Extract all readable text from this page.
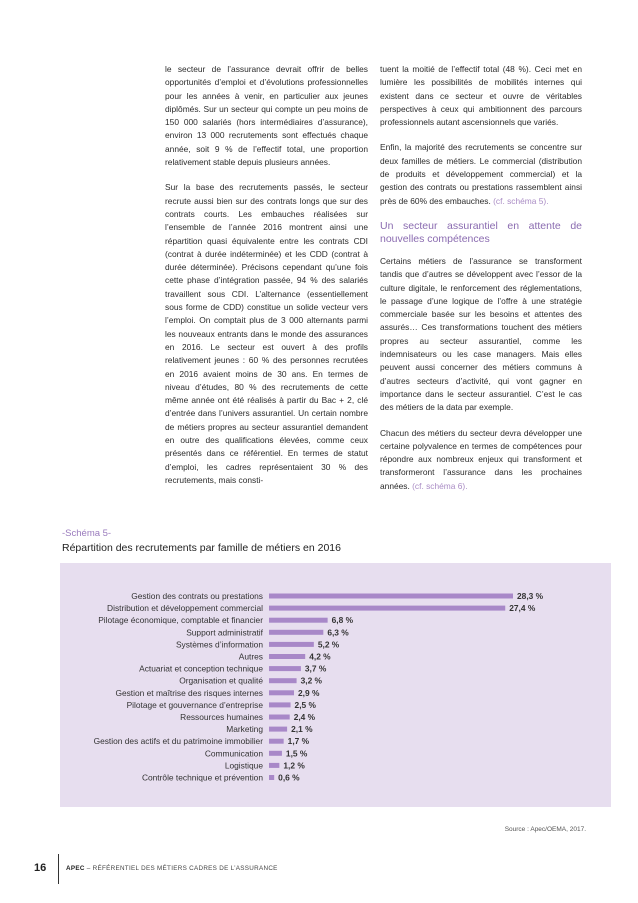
le secteur de l’assurance devrait offrir de belles opportunités d’emploi et d’évolutions professionnelles pour les années à venir, en particulier aux jeunes diplômés. Sur un secteur qui compte un peu moins de 150 000 salariés (hors intermédiaires d’assurance), environ 13 000 recrutements sont effectués chaque année, soit 9 % de l’effectif total, une proportion relativement stable depuis plusieurs années.

Sur la base des recrutements passés, le secteur recrute aussi bien sur des contrats longs que sur des contrats courts. Les embauches réalisées sur l’ensemble de l’année 2016 montrent ainsi une répartition quasi équivalente entre les contrats CDI (contrat à durée indéterminée) et les CDD (contrat à durée déterminée). Précisons cependant qu’une fois cette phase d’intégration passée, 94 % des salariés travaillent sous CDI. L’alternance (essentiellement sous forme de CDD) constitue un solide vecteur vers l’emploi. On comptait plus de 3 000 alternants parmi les nouveaux entrants dans le monde des assurances en 2016. Le secteur est ouvert à des profils relativement jeunes : 60 % des personnes recrutées en 2016 avaient moins de 30 ans. En termes de niveau d’études, 80 % des recrutements de cette même année ont été réalisés à partir du Bac + 2, clé d’entrée dans l’univers assurantiel. Un certain nombre de métiers propres au secteur assurantiel demandent en outre des qualifications élevées, comme ceux présentés dans ce référentiel. En termes de statut d’emploi, les cadres représentaient 30 % des recrutements, mais consti-

tuent la moitié de l’effectif total (48 %). Ceci met en lumière les possibilités de mobilités internes qui existent dans ce secteur et ouvre de véritables perspectives à ceux qui ambitionnent des parcours professionnels autant ascensionnels que variés.

Enfin, la majorité des recrutements se concentre sur deux familles de métiers. Le commercial (distribution de produits et développement commercial) et la gestion des contrats ou prestations rassemblent ainsi près de 60% des embauches. (cf. schéma 5).

Un secteur assurantiel en attente de nouvelles compétences

Certains métiers de l’assurance se transforment tandis que d’autres se développent avec l’essor de la culture digitale, le renforcement des réglementations, le passage d’une logique de l’offre à une stratégie commerciale basée sur les besoins et attentes des assurés… Ces transformations touchent des métiers propres au secteur assurantiel, comme les indemnisateurs ou les case managers. Mais elles peuvent aussi concerner des métiers communs à d’autres secteurs d’activité, qui vont gagner en importance dans le secteur assurantiel. C’est le cas des métiers de la data par exemple.

Chacun des métiers du secteur devra développer une certaine polyvalence en termes de compétences pour répondre aux nombreux enjeux qui transforment et transformeront l’assurance dans les prochaines années. (cf. schéma 6).

-Schéma 5-
Répartition des recrutements par famille de métiers en 2016
Gestion des contrats ou prestations	28,3 %
Distribution et développement commercial	27,4 %
Pilotage économique, comptable et financier	6,8 %
Support administratif	6,3 %
Systèmes d’information	5,2 %
Autres	4,2 %
Actuariat et conception technique	3,7 %
Organisation et qualité	3,2 %
Gestion et maîtrise des risques internes	2,9 %
Pilotage et gouvernance d’entreprise	2,5 %
Ressources humaines	2,4 %
Marketing	2,1 %
Gestion des actifs et du patrimoine immobilier	1,7 %
Communication	1,5 %
Logistique 1,2 %
Contrôle technique et prévention 0,6 %
Source : Apec/OEMA, 2017.
16	APEC – RÉFÉRENTIEL DES MÉTIERS CADRES DE L’ASSURANCE
